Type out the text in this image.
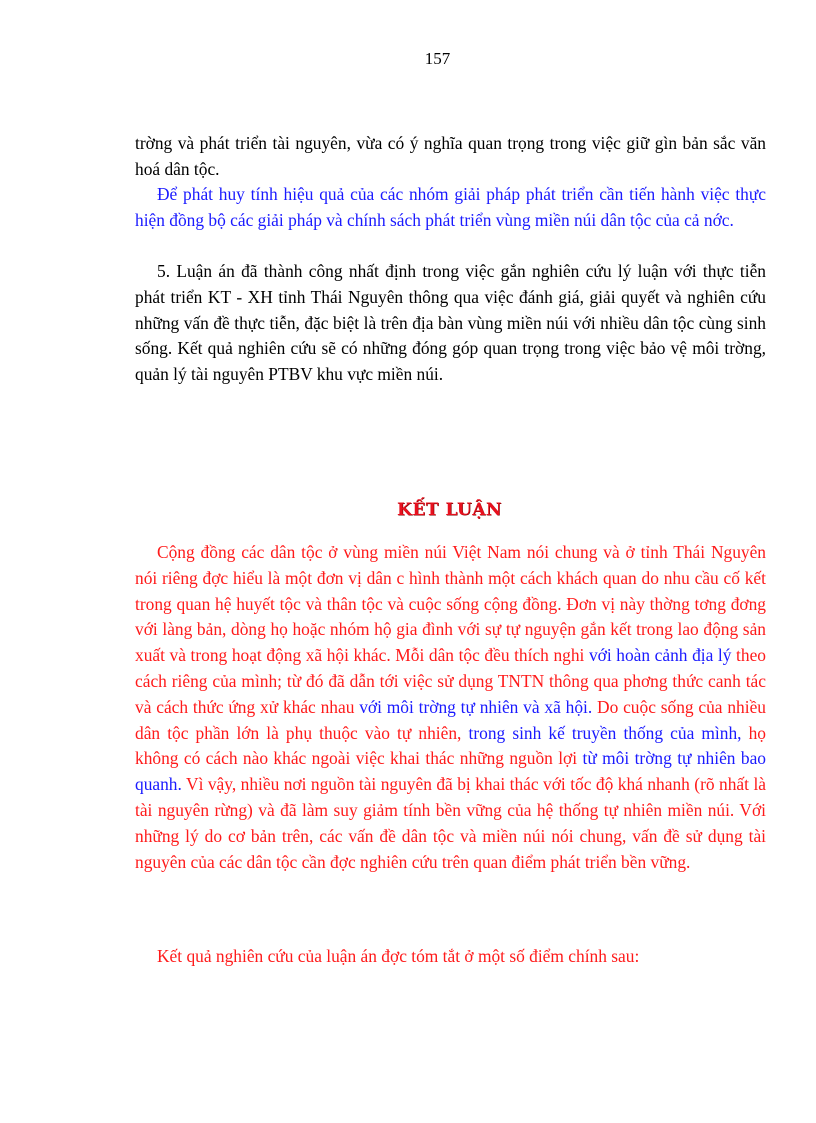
157

trờng và phát triển tài nguyên, vừa có ý nghĩa quan trọng trong việc giữ gìn bản sắc văn hoá dân tộc.

Để phát huy tính hiệu quả của các nhóm giải pháp phát triển cần tiến hành việc thực hiện đồng bộ các giải pháp và chính sách phát triển vùng miền núi dân tộc của cả nớc.

5. Luận án đã thành công nhất định trong việc gắn nghiên cứu lý luận với thực tiễn phát triển KT - XH tỉnh Thái Nguyên thông qua việc đánh giá, giải quyết và nghiên cứu những vấn đề thực tiễn, đặc biệt là trên địa bàn vùng miền núi với nhiều dân tộc cùng sinh sống. Kết quả nghiên cứu sẽ có những đóng góp quan trọng trong việc bảo vệ môi trờng, quản lý tài nguyên PTBV khu vực miền núi.

KẾT LUẬN

Cộng đồng các dân tộc ở vùng miền núi Việt Nam nói chung và ở tỉnh Thái Nguyên nói riêng đợc hiểu là một đơn vị dân c hình thành một cách khách quan do nhu cầu cố kết trong quan hệ huyết tộc và thân tộc và cuộc sống cộng đồng. Đơn vị này thờng tơng đơng với làng bản, dòng họ hoặc nhóm hộ gia đình với sự tự nguyện gắn kết trong lao động sản xuất và trong hoạt động xã hội khác. Mỗi dân tộc đều thích nghi với hoàn cảnh địa lý theo cách riêng của mình; từ đó đã dẫn tới việc sử dụng TNTN thông qua phơng thức canh tác và cách thức ứng xử khác nhau với môi trờng tự nhiên và xã hội. Do cuộc sống của nhiều dân tộc phần lớn là phụ thuộc vào tự nhiên, trong sinh kế truyền thống của mình, họ không có cách nào khác ngoài việc khai thác những nguồn lợi từ môi trờng tự nhiên bao quanh. Vì vậy, nhiều nơi nguồn tài nguyên đã bị khai thác với tốc độ khá nhanh (rõ nhất là tài nguyên rừng) và đã làm suy giảm tính bền vững của hệ thống tự nhiên miền núi. Với những lý do cơ bản trên, các vấn đề dân tộc và miền núi nói chung, vấn đề sử dụng tài nguyên của các dân tộc cần đợc nghiên cứu trên quan điểm phát triển bền vững.

Kết quả nghiên cứu của luận án đợc tóm tắt ở một số điểm chính sau:
